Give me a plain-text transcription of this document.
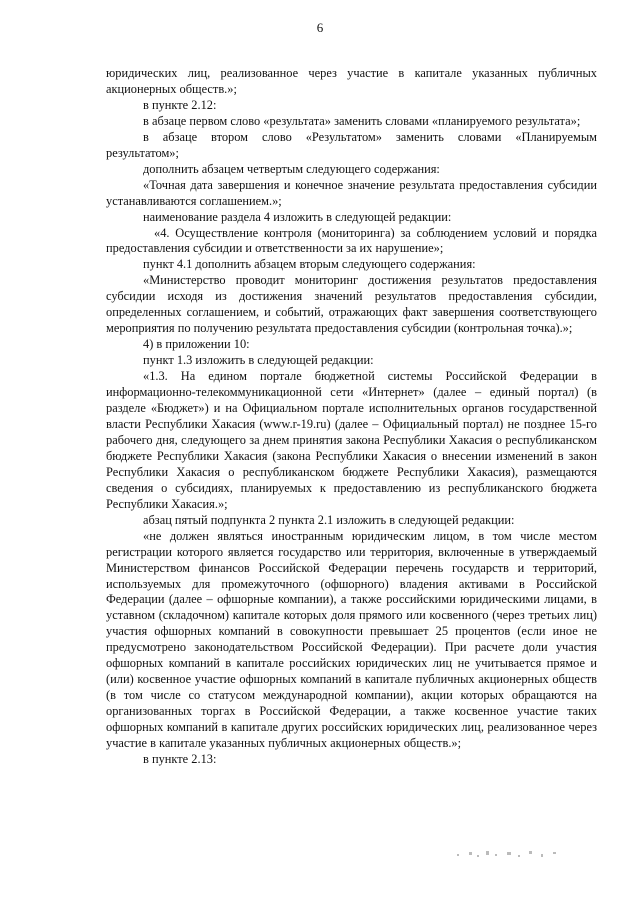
6

юридических лиц, реализованное через участие в капитале указанных публичных акционерных обществ.»;

в пункте 2.12:

в абзаце первом слово «результата» заменить словами «планируемого результата»;

в абзаце втором слово «Результатом» заменить словами «Планируемым результатом»;

дополнить абзацем четвертым следующего содержания:

«Точная дата завершения и конечное значение результата предоставления субсидии устанавливаются соглашением.»;

наименование раздела 4 изложить в следующей редакции:

«4. Осуществление контроля (мониторинга) за соблюдением условий и порядка предоставления субсидии и ответственности за их нарушение»;

пункт 4.1 дополнить абзацем вторым следующего содержания:

«Министерство проводит мониторинг достижения результатов предоставления субсидии исходя из достижения значений результатов предоставления субсидии, определенных соглашением, и событий, отражающих факт завершения соответствующего мероприятия по получению результата предоставления субсидии (контрольная точка).»;

4) в приложении 10:

пункт 1.3 изложить в следующей редакции:

«1.3. На едином портале бюджетной системы Российской Федерации в информационно-телекоммуникационной сети «Интернет» (далее – единый портал) (в разделе «Бюджет») и на Официальном портале исполнительных органов государственной власти Республики Хакасия (www.r-19.ru) (далее – Официальный портал) не позднее 15-го рабочего дня, следующего за днем принятия закона Республики Хакасия о республиканском бюджете Республики Хакасия (закона Республики Хакасия о внесении изменений в закон Республики Хакасия о республиканском бюджете Республики Хакасия), размещаются сведения о субсидиях, планируемых к предоставлению из республиканского бюджета Республики Хакасия.»;

абзац пятый подпункта 2 пункта 2.1 изложить в следующей редакции:

«не должен являться иностранным юридическим лицом, в том числе местом регистрации которого является государство или территория, включенные в утверждаемый Министерством финансов Российской Федерации перечень государств и территорий, используемых для промежуточного (офшорного) владения активами в Российской Федерации (далее – офшорные компании), а также российскими юридическими лицами, в уставном (складочном) капитале которых доля прямого или косвенного (через третьих лиц) участия офшорных компаний в совокупности превышает 25 процентов (если иное не предусмотрено законодательством Российской Федерации). При расчете доли участия офшорных компаний в капитале российских юридических лиц не учитывается прямое и (или) косвенное участие офшорных компаний в капитале публичных акционерных обществ (в том числе со статусом международной компании), акции которых обращаются на организованных торгах в Российской Федерации, а также косвенное участие таких офшорных компаний в капитале других российских юридических лиц, реализованное через участие в капитале указанных публичных акционерных обществ.»;

в пункте 2.13:
